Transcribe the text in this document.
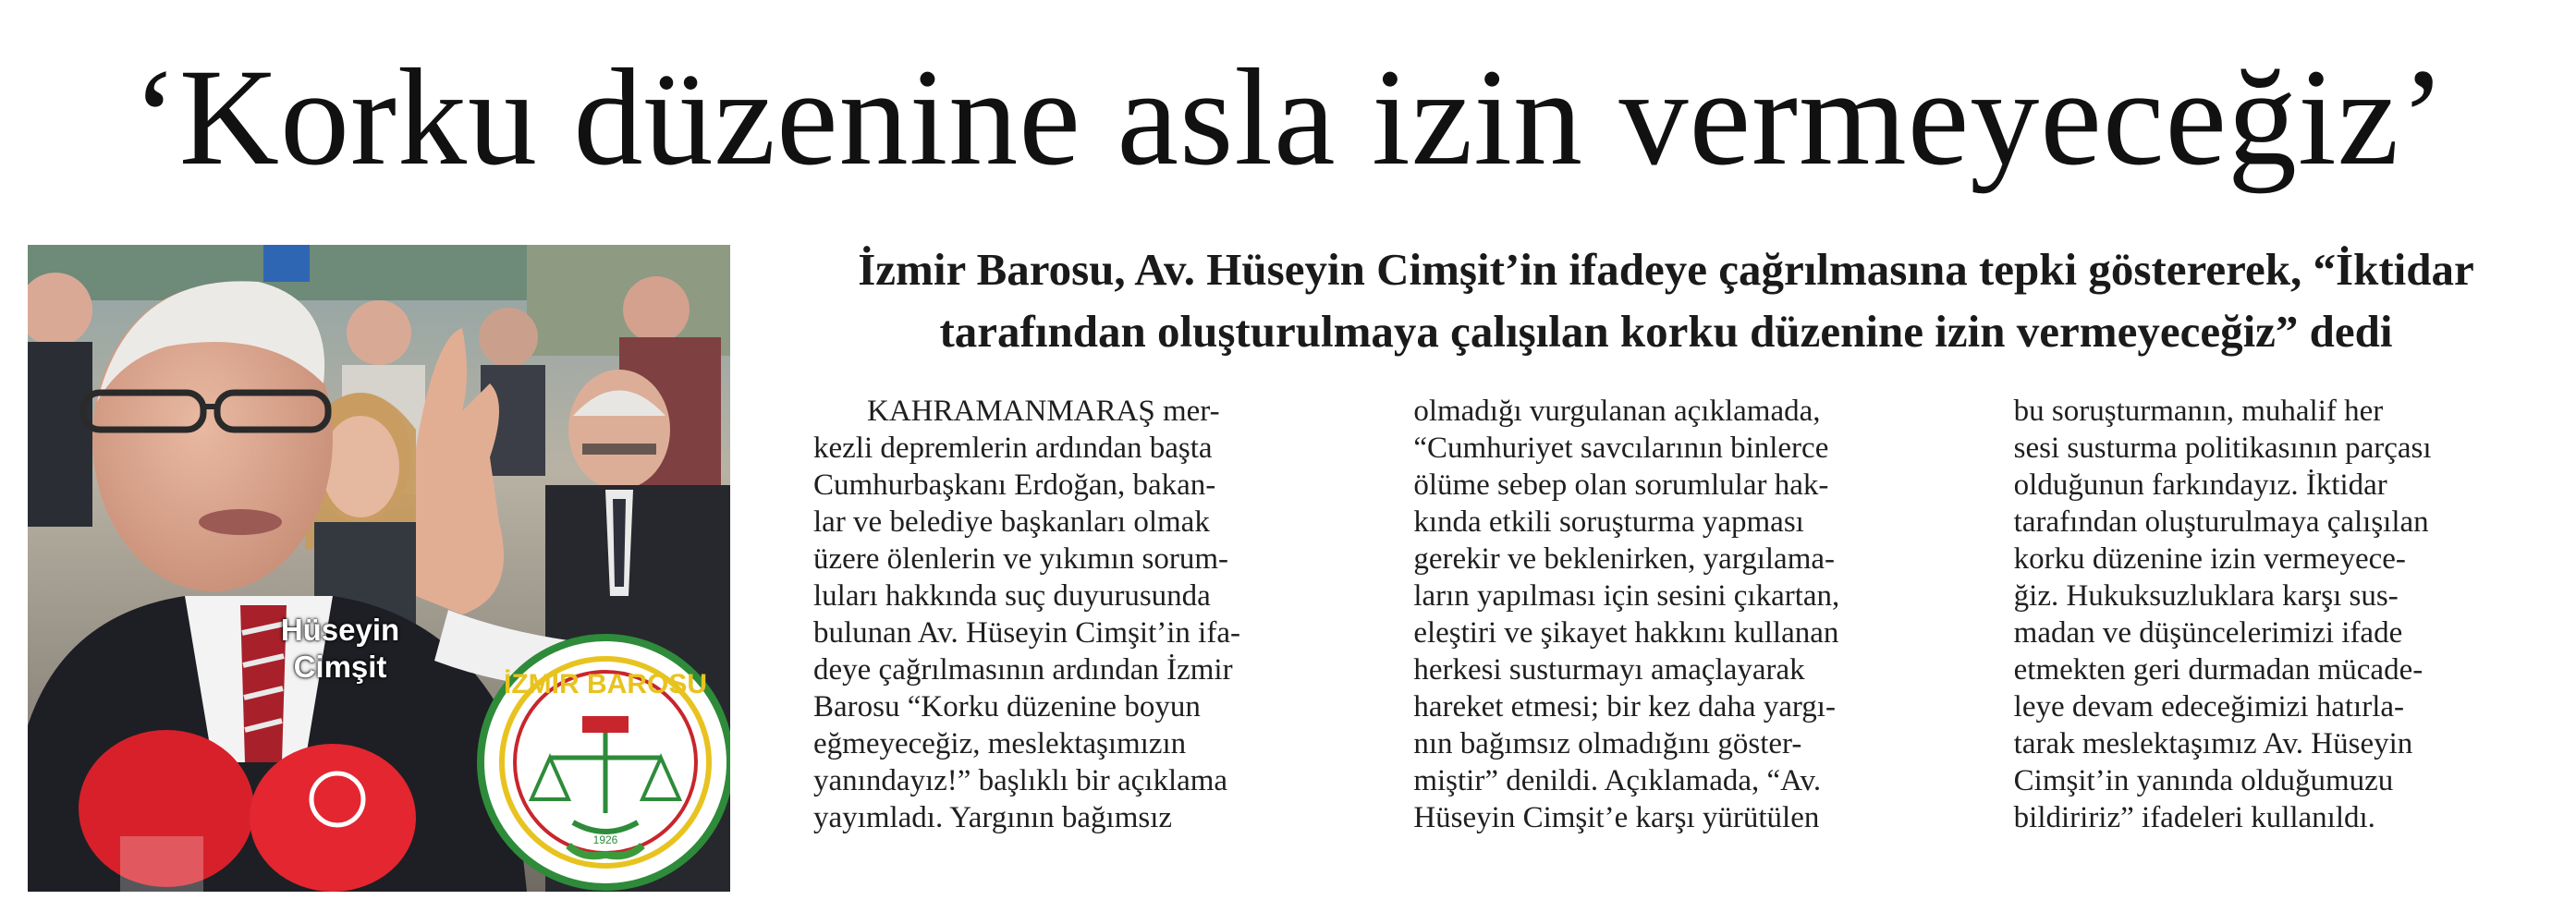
‘Korku düzenine asla izin vermeyeceğiz’
İZMİR BAROSU
1926
Hüseyin Cimşit
İzmir Barosu, Av. Hüseyin Cimşit’in ifadeye çağrılmasına tepki göstererek, “İktidar
tarafından oluşturulmaya çalışılan korku düzenine izin vermeyeceğiz” dedi
KAHRAMANMARAŞ mer-
kezli depremlerin ardından başta
Cumhurbaşkanı Erdoğan, bakan-
lar ve belediye başkanları olmak
üzere ölenlerin ve yıkımın sorum-
luları hakkında suç duyurusunda
bulunan Av. Hüseyin Cimşit’in ifa-
deye çağrılmasının ardından İzmir
Barosu “Korku düzenine boyun
eğmeyeceğiz, meslektaşımızın
yanındayız!” başlıklı bir açıklama
yayımladı. Yargının bağımsız
olmadığı vurgulanan açıklamada,
“Cumhuriyet savcılarının binlerce
ölüme sebep olan sorumlular hak-
kında etkili soruşturma yapması
gerekir ve beklenirken, yargılama-
ların yapılması için sesini çıkartan,
eleştiri ve şikayet hakkını kullanan
herkesi susturmayı amaçlayarak
hareket etmesi; bir kez daha yargı-
nın bağımsız olmadığını göster-
miştir” denildi. Açıklamada, “Av.
Hüseyin Cimşit’e karşı yürütülen
bu soruşturmanın, muhalif her
sesi susturma politikasının parçası
olduğunun farkındayız. İktidar
tarafından oluşturulmaya çalışılan
korku düzenine izin vermeyece-
ğiz. Hukuksuzluklara karşı sus-
madan ve düşüncelerimizi ifade
etmekten geri durmadan mücade-
leye devam edeceğimizi hatırla-
tarak meslektaşımız Av. Hüseyin
Cimşit’in yanında olduğumuzu
bildiririz” ifadeleri kullanıldı.
